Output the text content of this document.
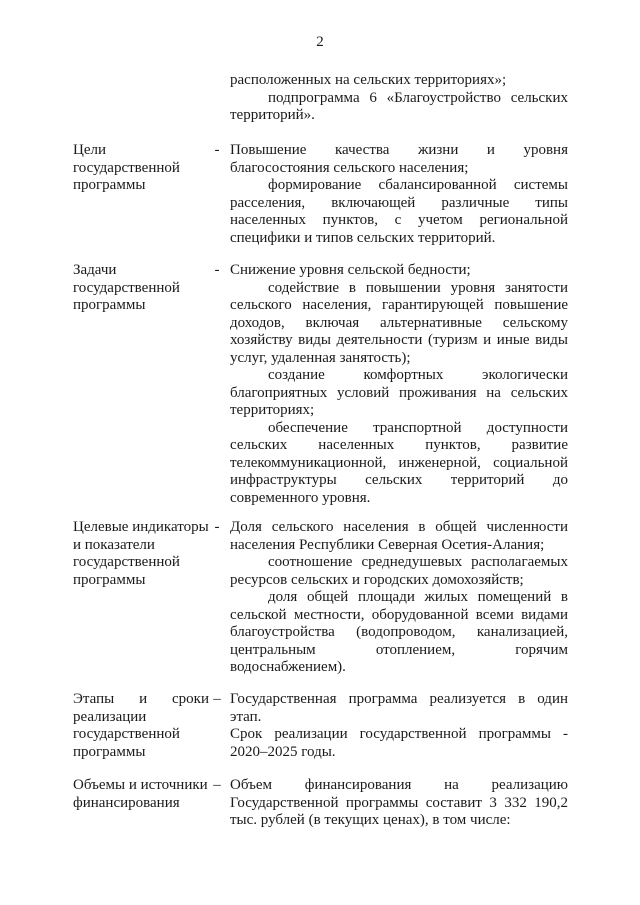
2

расположенных на сельских территориях»;

подпрограмма 6 «Благоустройство сельских территорий».

Цели государственной программы
- Повышение качества жизни и уровня благосостояния сельского населения;

формирование сбалансированной системы расселения, включающей различные типы населенных пунктов, с учетом региональной специфики и типов сельских территорий.

Задачи государственной программы
- Снижение уровня сельской бедности;

содействие в повышении уровня занятости сельского населения, гарантирующей повышение доходов, включая альтернативные сельскому хозяйству виды деятельности (туризм и иные виды услуг, удаленная занятость);

создание комфортных экологически благоприятных условий проживания на сельских территориях;

обеспечение транспортной доступности сельских населенных пунктов, развитие телекоммуникационной, инженерной, социальной инфраструктуры сельских территорий до современного уровня.

Целевые индикаторы и показатели государственной программы
- Доля сельского населения в общей численности населения Республики Северная Осетия-Алания;

соотношение среднедушевых располагаемых ресурсов сельских и городских домохозяйств;

доля общей площади жилых помещений в сельской местности, оборудованной всеми видами благоустройства (водопроводом, канализацией, центральным отоплением, горячим водоснабжением).

Этапы и сроки реализации государственной программы
– Государственная программа реализуется в один этап.

Срок реализации государственной программы - 2020–2025 годы.

Объемы и источники финансирования
– Объем финансирования на реализацию Государственной программы составит 3 332 190,2 тыс. рублей (в текущих ценах), в том числе:
